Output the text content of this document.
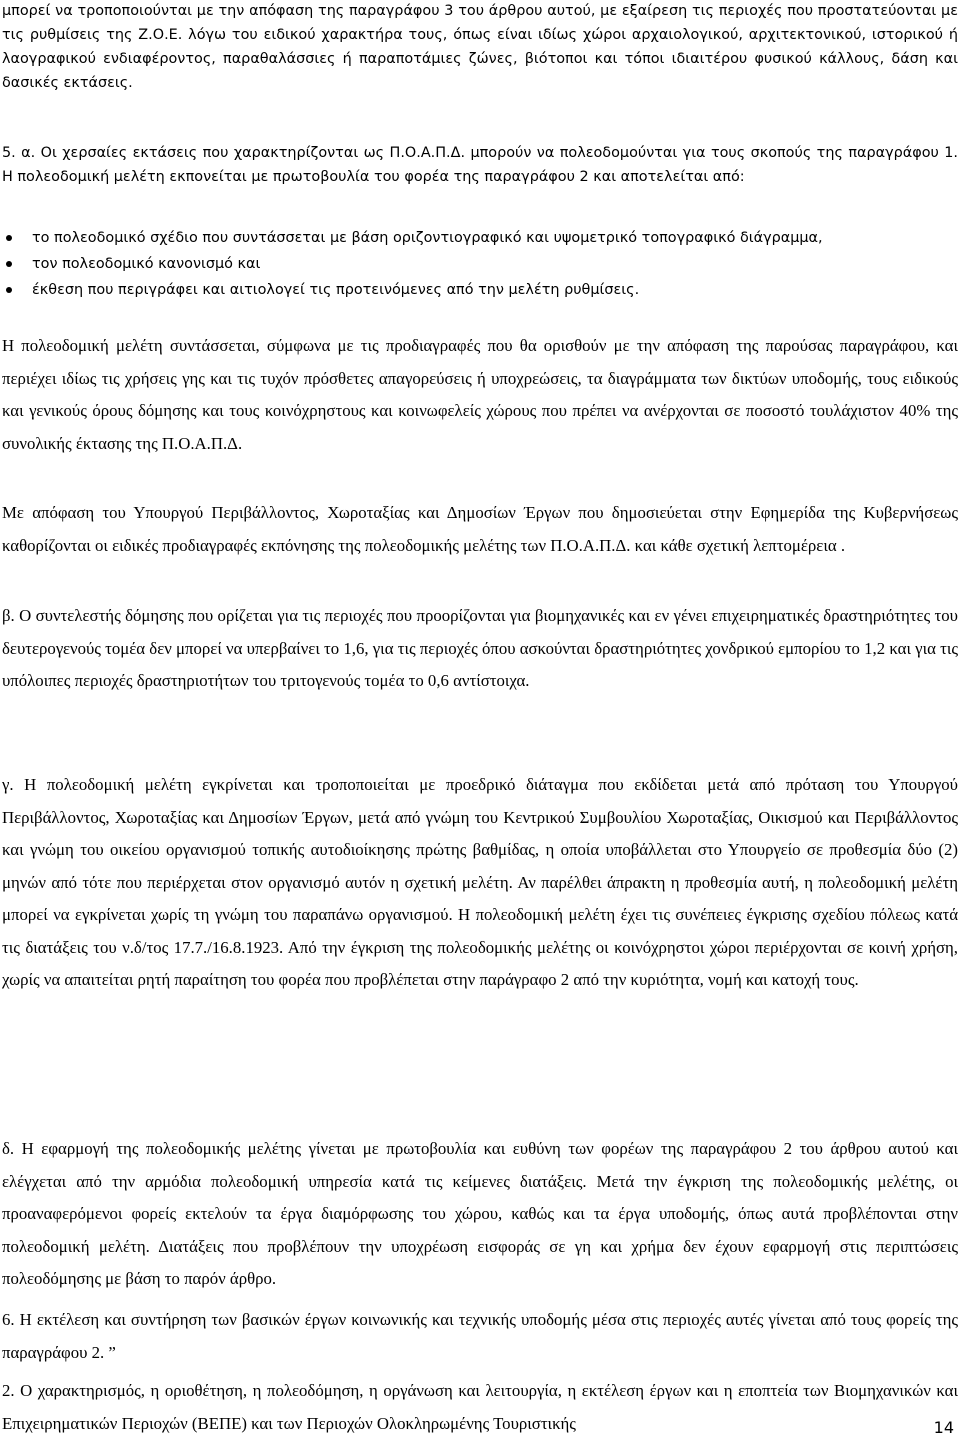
μπορεί να τροποποιούνται με την απόφαση της παραγράφου 3 του άρθρου αυτού, με εξαίρεση τις περιοχές που προστατεύονται με τις ρυθμίσεις της Ζ.Ο.Ε. λόγω του ειδικού χαρακτήρα τους, όπως είναι ιδίως χώροι αρχαιολογικού, αρχιτεκτονικού, ιστορικού ή λαογραφικού ενδιαφέροντος, παραθαλάσσιες ή παραποτάμιες ζώνες, βιότοποι και τόποι ιδιαιτέρου φυσικού κάλλους, δάση και δασικές εκτάσεις.

5. α. Οι χερσαίες εκτάσεις που χαρακτηρίζονται ως Π.Ο.Α.Π.Δ. μπορούν να πολεοδομούνται για τους σκοπούς της παραγράφου 1. Η πολεοδομική μελέτη εκπονείται με πρωτοβουλία του φορέα της παραγράφου 2 και αποτελείται από:

το πολεοδομικό σχέδιο που συντάσσεται με βάση οριζοντιογραφικό και υψομετρικό τοπογραφικό διάγραμμα,
τον πολεοδομικό κανονισμό και
έκθεση που περιγράφει και αιτιολογεί τις προτεινόμενες από την μελέτη ρυθμίσεις.

Η πολεοδομική μελέτη συντάσσεται, σύμφωνα με τις προδιαγραφές που θα ορισθούν με την απόφαση της παρούσας παραγράφου, και περιέχει ιδίως τις χρήσεις γης και τις τυχόν πρόσθετες απαγορεύσεις ή υποχρεώσεις, τα διαγράμματα των δικτύων υποδομής, τους ειδικούς και γενικούς όρους δόμησης και τους κοινόχρηστους και κοινωφελείς χώρους που πρέπει να ανέρχονται σε ποσοστό τουλάχιστον 40% της συνολικής έκτασης της Π.Ο.Α.Π.Δ.

Με απόφαση του Υπουργού Περιβάλλοντος, Χωροταξίας και Δημοσίων Έργων που δημοσιεύεται στην Εφημερίδα της Κυβερνήσεως καθορίζονται οι ειδικές προδιαγραφές εκπόνησης της πολεοδομικής μελέτης των Π.Ο.Α.Π.Δ. και κάθε σχετική λεπτομέρεια .

β. Ο συντελεστής δόμησης που ορίζεται για τις περιοχές που προορίζονται για βιομηχανικές και εν γένει επιχειρηματικές δραστηριότητες του δευτερογενούς τομέα δεν μπορεί να υπερβαίνει το 1,6, για τις περιοχές όπου ασκούνται δραστηριότητες χονδρικού εμπορίου το 1,2 και για τις υπόλοιπες περιοχές δραστηριοτήτων του τριτογενούς τομέα το 0,6 αντίστοιχα.

γ. Η πολεοδομική μελέτη εγκρίνεται και τροποποιείται με προεδρικό διάταγμα που εκδίδεται μετά από πρόταση του Υπουργού Περιβάλλοντος, Χωροταξίας και Δημοσίων Έργων, μετά από γνώμη του Κεντρικού Συμβουλίου Χωροταξίας, Οικισμού και Περιβάλλοντος και γνώμη του οικείου οργανισμού τοπικής αυτοδιοίκησης πρώτης βαθμίδας, η οποία υποβάλλεται στο Υπουργείο σε προθεσμία δύο (2) μηνών από τότε που περιέρχεται στον οργανισμό αυτόν η σχετική μελέτη. Αν παρέλθει άπρακτη η προθεσμία αυτή, η πολεοδομική μελέτη μπορεί να εγκρίνεται χωρίς τη γνώμη του παραπάνω οργανισμού. Η πολεοδομική μελέτη έχει τις συνέπειες έγκρισης σχεδίου πόλεως κατά τις διατάξεις του ν.δ/τος 17.7./16.8.1923. Από την έγκριση της πολεοδομικής μελέτης οι κοινόχρηστοι χώροι περιέρχονται σε κοινή χρήση, χωρίς να απαιτείται ρητή παραίτηση του φορέα που προβλέπεται στην παράγραφο 2 από την κυριότητα, νομή και κατοχή τους.

δ. Η εφαρμογή της πολεοδομικής μελέτης γίνεται με πρωτοβουλία και ευθύνη των φορέων της παραγράφου 2 του άρθρου αυτού και ελέγχεται από την αρμόδια πολεοδομική υπηρεσία κατά τις κείμενες διατάξεις. Μετά την έγκριση της πολεοδομικής μελέτης, οι προαναφερόμενοι φορείς εκτελούν τα έργα διαμόρφωσης του χώρου, καθώς και τα έργα υποδομής, όπως αυτά προβλέπονται στην πολεοδομική μελέτη. Διατάξεις που προβλέπουν την υποχρέωση εισφοράς σε γη και χρήμα δεν έχουν εφαρμογή στις περιπτώσεις πολεοδόμησης με βάση το παρόν άρθρο.

6. Η εκτέλεση και συντήρηση των βασικών έργων κοινωνικής και τεχνικής υποδομής μέσα στις περιοχές αυτές γίνεται από τους φορείς της παραγράφου 2. ”

2. Ο χαρακτηρισμός, η οριοθέτηση, η πολεοδόμηση, η οργάνωση και λειτουργία, η εκτέλεση έργων και η εποπτεία των Βιομηχανικών και Επιχειρηματικών Περιοχών (ΒΕΠΕ) και των Περιοχών Ολοκληρωμένης Τουριστικής	14
